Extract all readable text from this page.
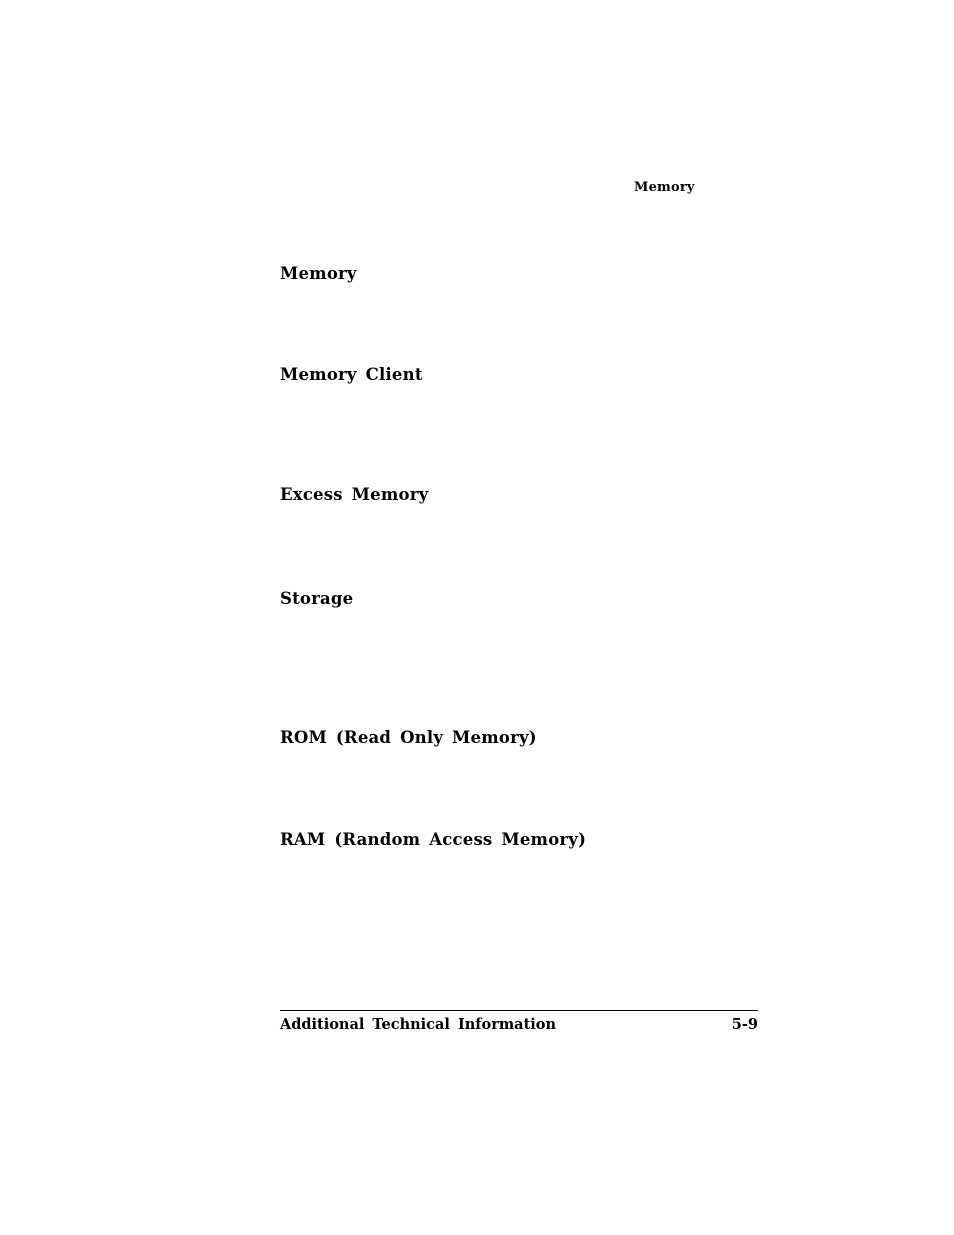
Memory
Memory
Memory Client
Excess Memory
Storage
ROM (Read Only Memory)
RAM (Random Access Memory)
Additional Technical Information	5-9
